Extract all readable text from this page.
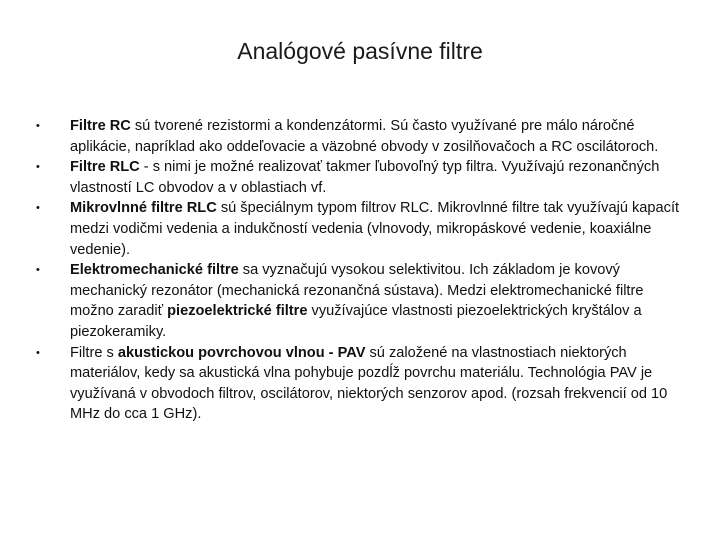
Analógové pasívne filtre
• Filtre RC sú tvorené rezistormi a kondenzátormi. Sú často využívané pre málo náročné aplikácie, napríklad ako oddeľovacie a väzobné obvody v zosilňovačoch a RC oscilátoroch.
• Filtre RLC - s nimi je možné realizovať takmer ľubovoľný typ filtra. Využívajú rezonančných vlastností LC obvodov a v oblastiach vf.
• Mikrovlnné filtre RLC sú špeciálnym typom filtrov RLC. Mikrovlnné filtre tak využívajú kapacít medzi vodičmi vedenia a indukčností vedenia (vlnovody, mikropáskové vedenie, koaxiálne vedenie).
• Elektromechanické filtre sa vyznačujú vysokou selektivitou. Ich základom je kovový mechanický rezonátor (mechanická rezonančná sústava). Medzi elektromechanické filtre možno zaradiť piezoelektrické filtre využívajúce vlastnosti piezoelektrických kryštálov a piezokeramiky.
• Filtre s akustickou povrchovou vlnou - PAV sú založené na vlastnostiach niektorých materiálov, kedy sa akustická vlna pohybuje pozdĺž povrchu materiálu. Technológia PAV je využívaná v obvodoch filtrov, oscilátorov, niektorých senzorov apod. (rozsah frekvencií od 10 MHz do cca 1 GHz).
